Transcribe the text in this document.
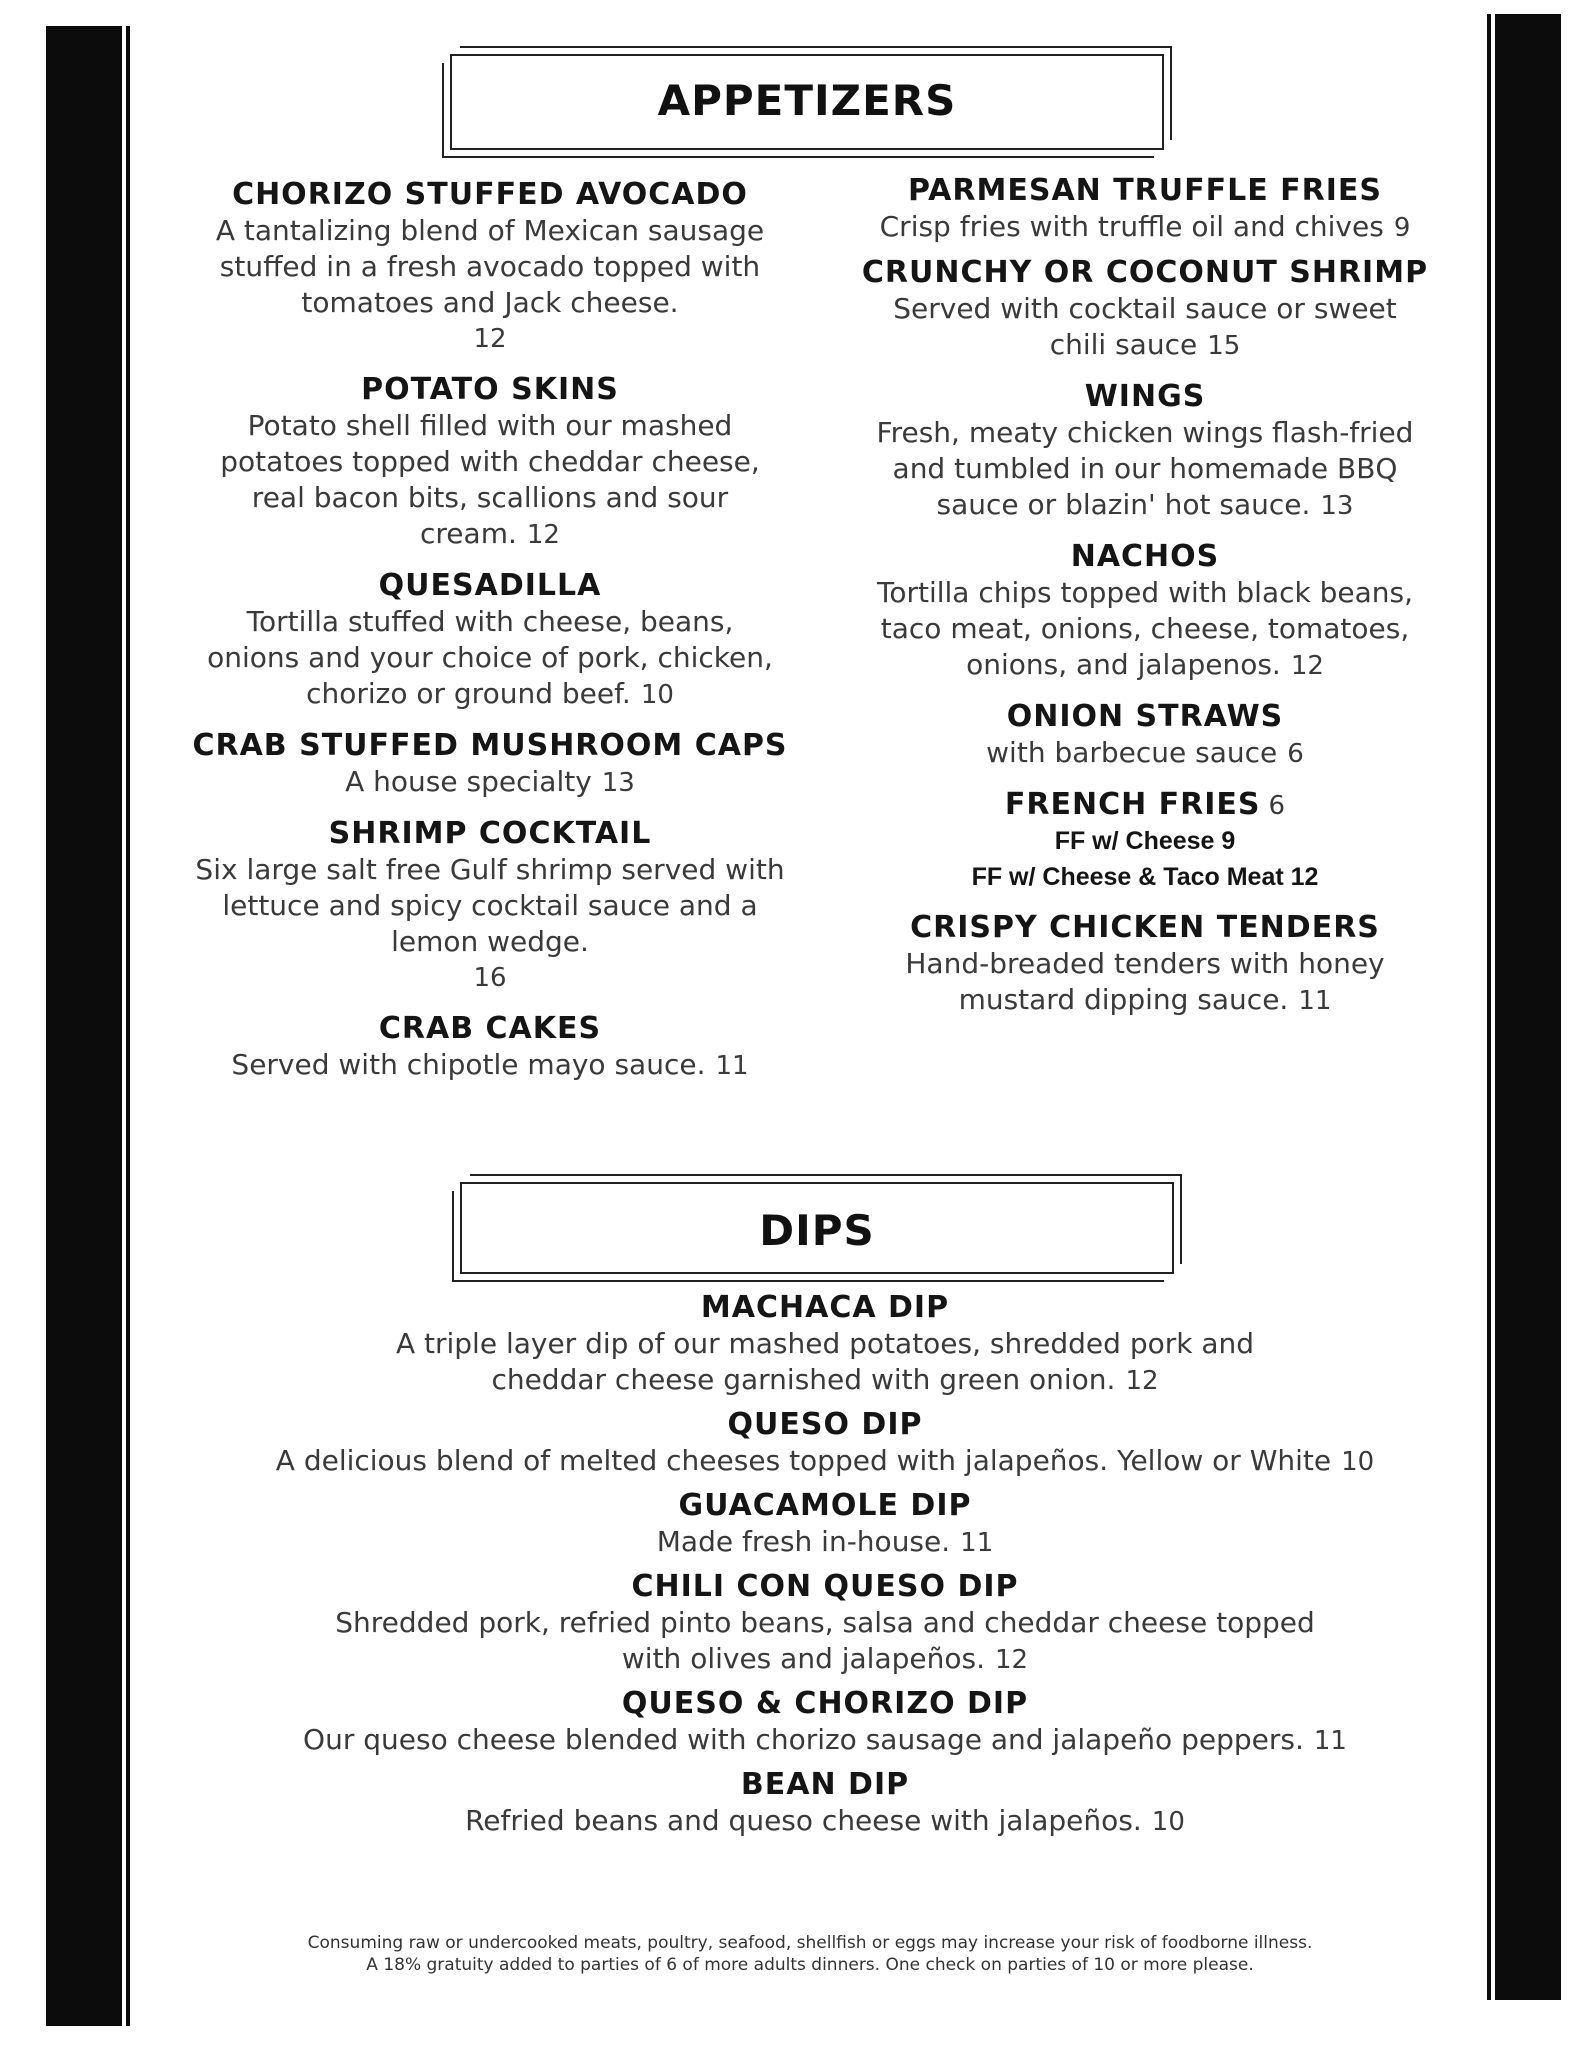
APPETIZERS
CHORIZO STUFFED AVOCADO
A tantalizing blend of Mexican sausage stuffed in a fresh avocado topped with tomatoes and Jack cheese.
12
POTATO SKINS
Potato shell filled with our mashed potatoes topped with cheddar cheese, real bacon bits, scallions and sour cream. 12
QUESADILLA
Tortilla stuffed with cheese, beans, onions and your choice of pork, chicken, chorizo or ground beef. 10
CRAB STUFFED MUSHROOM CAPS
A house specialty 13
SHRIMP COCKTAIL
Six large salt free Gulf shrimp served with lettuce and spicy cocktail sauce and a lemon wedge.
16
CRAB CAKES
Served with chipotle mayo sauce. 11
PARMESAN TRUFFLE FRIES
Crisp fries with truffle oil and chives 9
CRUNCHY OR COCONUT SHRIMP
Served with cocktail sauce or sweet chili sauce 15
WINGS
Fresh, meaty chicken wings flash-fried and tumbled in our homemade BBQ sauce or blazin' hot sauce. 13
NACHOS
Tortilla chips topped with black beans, taco meat, onions, cheese, tomatoes, onions, and jalapenos. 12
ONION STRAWS
with barbecue sauce 6
FRENCH FRIES 6
FF w/ Cheese 9
FF w/ Cheese & Taco Meat 12
CRISPY CHICKEN TENDERS
Hand-breaded tenders with honey mustard dipping sauce. 11
DIPS
MACHACA DIP
A triple layer dip of our mashed potatoes, shredded pork and cheddar cheese garnished with green onion. 12
QUESO DIP
A delicious blend of melted cheeses topped with jalapeños. Yellow or White 10
GUACAMOLE DIP
Made fresh in-house. 11
CHILI CON QUESO DIP
Shredded pork, refried pinto beans, salsa and cheddar cheese topped with olives and jalapeños. 12
QUESO & CHORIZO DIP
Our queso cheese blended with chorizo sausage and jalapeño peppers. 11
BEAN DIP
Refried beans and queso cheese with jalapeños. 10
Consuming raw or undercooked meats, poultry, seafood, shellfish or eggs may increase your risk of foodborne illness.
A 18% gratuity added to parties of 6 of more adults dinners. One check on parties of 10 or more please.
